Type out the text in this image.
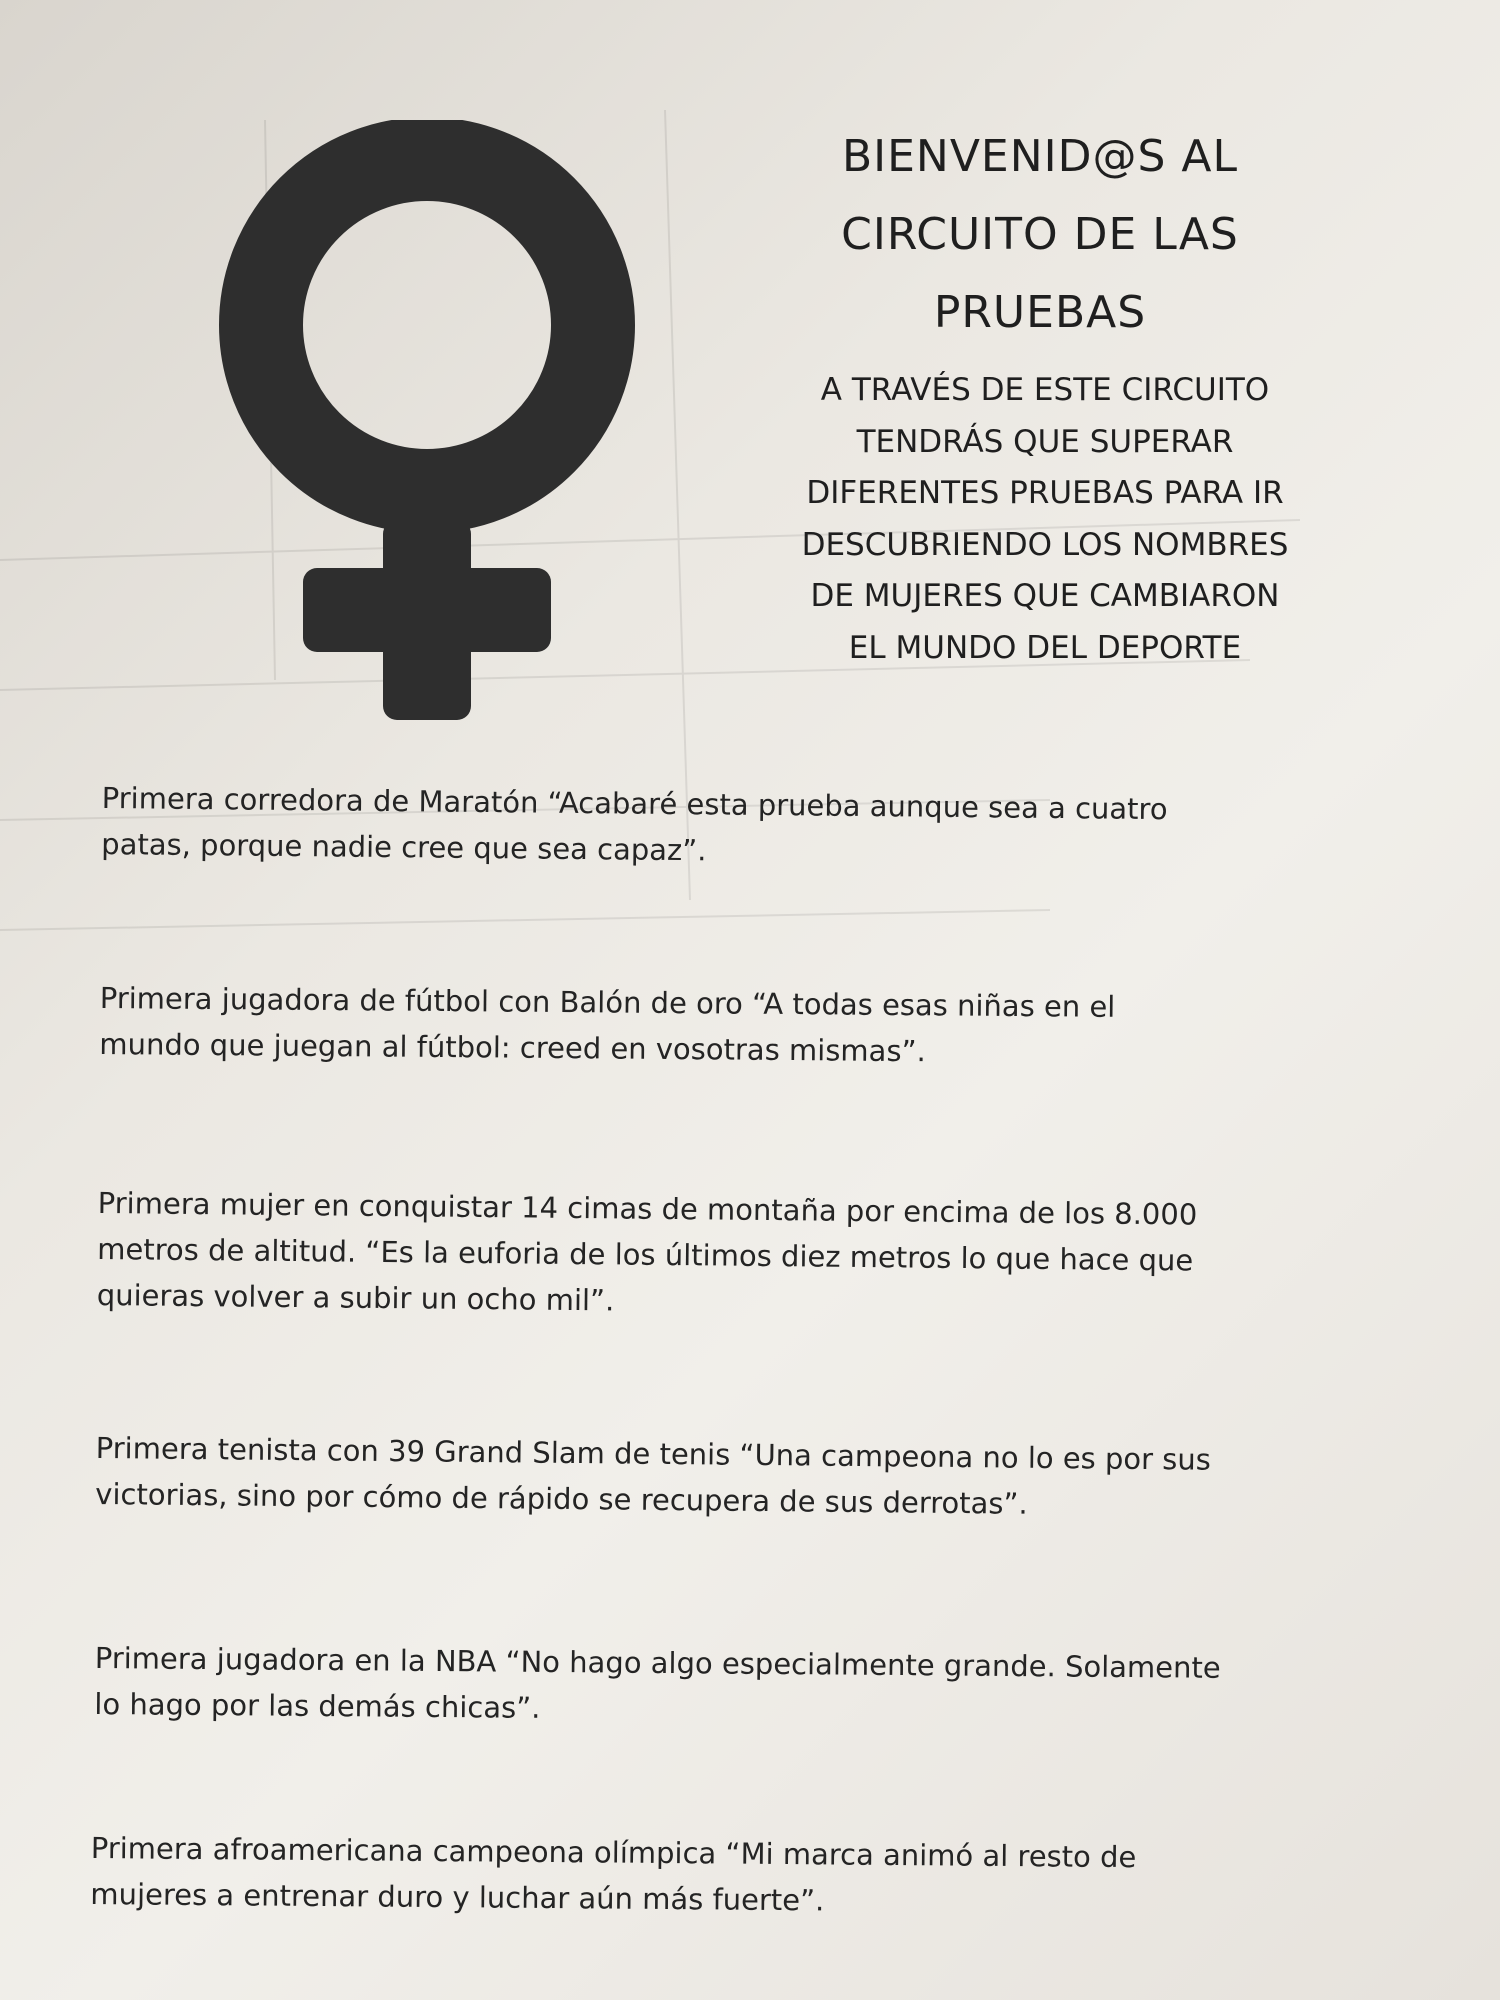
BIENVENID@S AL
CIRCUITO DE LAS
PRUEBAS
A TRAVÉS DE ESTE CIRCUITO
TENDRÁS QUE SUPERAR
DIFERENTES PRUEBAS PARA IR
DESCUBRIENDO LOS NOMBRES
DE MUJERES QUE CAMBIARON
EL MUNDO DEL DEPORTE
Primera corredora de Maratón “Acabaré esta prueba aunque sea a cuatro
patas, porque nadie cree que sea capaz”.
Primera jugadora de fútbol con Balón de oro “A todas esas niñas en el
mundo que juegan al fútbol: creed en vosotras mismas”.
Primera mujer en conquistar 14 cimas de montaña por encima de los 8.000
metros de altitud. “Es la euforia de los últimos diez metros lo que hace que
quieras volver a subir un ocho mil”.
Primera tenista con 39 Grand Slam de tenis “Una campeona no lo es por sus
victorias, sino por cómo de rápido se recupera de sus derrotas”.
Primera jugadora en la NBA “No hago algo especialmente grande. Solamente
lo hago por las demás chicas”.
Primera afroamericana campeona olímpica “Mi marca animó al resto de
mujeres a entrenar duro y luchar aún más fuerte”.
